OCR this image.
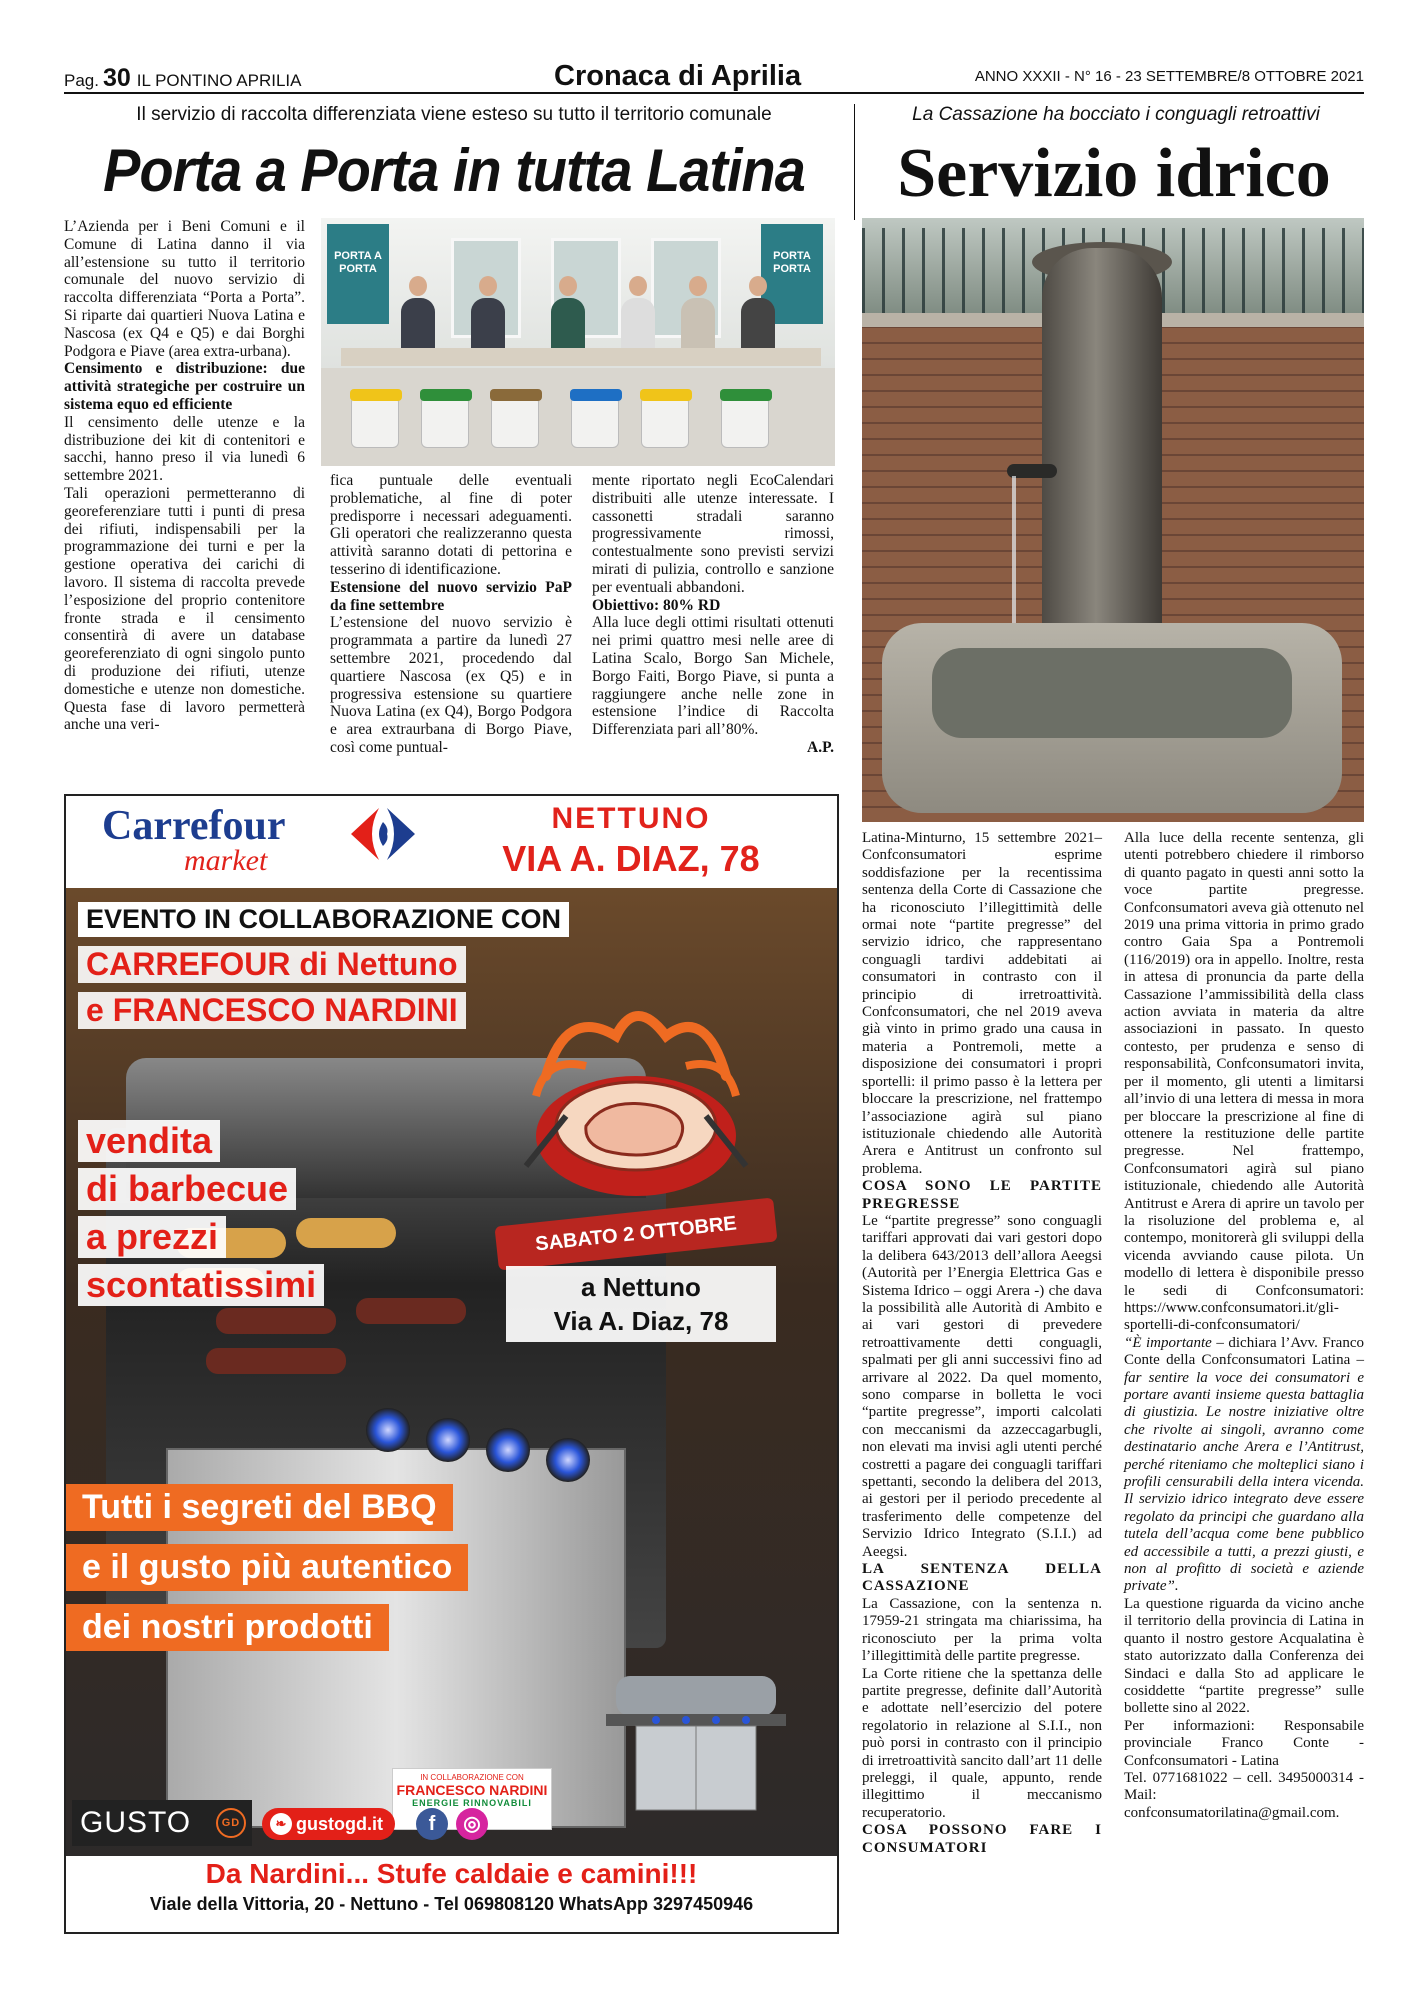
Pag. 30 IL PONTINO APRILIA	Cronaca di Aprilia	ANNO XXXII - N° 16 - 23 SETTEMBRE/8 OTTOBRE 2021
Il servizio di raccolta differenziata viene esteso su tutto il territorio comunale
Porta a Porta in tutta Latina

L’Azienda per i Beni Comuni e il Comune di Latina danno il via all’estensione su tutto il territorio comunale del nuovo servizio di raccolta differenziata “Porta a Porta”. Si riparte dai quartieri Nuova Latina e Nascosa (ex Q4 e Q5) e dai Borghi Podgora e Piave (area extra-urbana).

Censimento e distribuzione: due attività strategiche per costruire un sistema equo ed efficiente

Il censimento delle utenze e la distribuzione dei kit di contenitori e sacchi, hanno preso il via lunedì 6 settembre 2021.

Tali operazioni permetteranno di georeferenziare tutti i punti di presa dei rifiuti, indispensabili per la programmazione dei turni e per la gestione operativa dei carichi di lavoro. Il sistema di raccolta prevede l’esposizione del proprio contenitore fronte strada e il censimento consentirà di avere un database georeferenziato di ogni singolo punto di produzione dei rifiuti, utenze domestiche e utenze non domestiche. Questa fase di lavoro permetterà anche una veri-

PORTA A PORTA
PORTA PORTA

fica puntuale delle eventuali problematiche, al fine di poter predisporre i necessari adeguamenti. Gli operatori che realizzeranno questa attività saranno dotati di pettorina e tesserino di identificazione.

Estensione del nuovo servizio PaP da fine settembre

L’estensione del nuovo servizio è programmata a partire da lunedì 27 settembre 2021, procedendo dal quartiere Nascosa (ex Q5) e in progressiva estensione su quartiere Nuova Latina (ex Q4), Borgo Podgora e area extraurbana di Borgo Piave, così come puntual-

mente riportato negli EcoCalendari distribuiti alle utenze interessate. I cassonetti stradali saranno progressivamente rimossi, contestualmente sono previsti servizi mirati di pulizia, controllo e sanzione per eventuali abbandoni.

Obiettivo: 80% RD

Alla luce degli ottimi risultati ottenuti nei primi quattro mesi nelle aree di Latina Scalo, Borgo San Michele, Borgo Faiti, Borgo Piave, si punta a raggiungere anche nelle zone in estensione l’indice di Raccolta Differenziata pari all’80%.

A.P.

La Cassazione ha bocciato i conguagli retroattivi
Servizio idrico

Latina-Minturno, 15 settembre 2021– Confconsumatori esprime soddisfazione per la recentissima sentenza della Corte di Cassazione che ha riconosciuto l’illegittimità delle ormai note “partite pregresse” del servizio idrico, che rappresentano conguagli tardivi addebitati ai consumatori in contrasto con il principio di irretroattività. Confconsumatori, che nel 2019 aveva già vinto in primo grado una causa in materia a Pontremoli, mette a disposizione dei consumatori i propri sportelli: il primo passo è la lettera per bloccare la prescrizione, nel frattempo l’associazione agirà sul piano istituzionale chiedendo alle Autorità Arera e Antitrust un confronto sul problema.

COSA SONO LE PARTITE PREGRESSE

Le “partite pregresse” sono conguagli tariffari approvati dai vari gestori dopo la delibera 643/2013 dell’allora Aeegsi (Autorità per l’Energia Elettrica Gas e Sistema Idrico – oggi Arera -) che dava la possibilità alle Autorità di Ambito e ai vari gestori di prevedere retroattivamente detti conguagli, spalmati per gli anni successivi fino ad arrivare al 2022. Da quel momento, sono comparse in bolletta le voci “partite pregresse”, importi calcolati con meccanismi da azzeccagarbugli, non elevati ma invisi agli utenti perché costretti a pagare dei conguagli tariffari spettanti, secondo la delibera del 2013, ai gestori per il periodo precedente al trasferimento delle competenze del Servizio Idrico Integrato (S.I.I.) ad Aeegsi.

LA SENTENZA DELLA CASSAZIONE

La Cassazione, con la sentenza n. 17959-21 stringata ma chiarissima, ha riconosciuto per la prima volta l’illegittimità delle partite pregresse.

La Corte ritiene che la spettanza delle partite pregresse, definite dall’Autorità e adottate nell’esercizio del potere regolatorio in relazione al S.I.I., non può porsi in contrasto con il principio di irretroattività sancito dall’art 11 delle preleggi, il quale, appunto, rende illegittimo il meccanismo recuperatorio.

COSA POSSONO FARE I CONSUMATORI

Alla luce della recente sentenza, gli utenti potrebbero chiedere il rimborso di quanto pagato in questi anni sotto la voce partite pregresse. Confconsumatori aveva già ottenuto nel 2019 una prima vittoria in primo grado contro Gaia Spa a Pontremoli (116/2019) ora in appello. Inoltre, resta in attesa di pronuncia da parte della Cassazione l’ammissibilità della class action avviata in materia da altre associazioni in passato. In questo contesto, per prudenza e senso di responsabilità, Confconsumatori invita, per il momento, gli utenti a limitarsi all’invio di una lettera di messa in mora per bloccare la prescrizione al fine di ottenere la restituzione delle partite pregresse. Nel frattempo, Confconsumatori agirà sul piano istituzionale, chiedendo alle Autorità Antitrust e Arera di aprire un tavolo per la risoluzione del problema e, al contempo, monitorerà gli sviluppi della vicenda avviando cause pilota. Un modello di lettera è disponibile presso le sedi di Confconsumatori: https://www.confconsumatori.it/gli-sportelli-di-confconsumatori/

“È importante – dichiara l’Avv. Franco Conte della Confconsumatori Latina – far sentire la voce dei consumatori e portare avanti insieme questa battaglia di giustizia. Le nostre iniziative oltre che rivolte ai singoli, avranno come destinatario anche Arera e l’Antitrust, perché riteniamo che molteplici siano i profili censurabili della intera vicenda. Il servizio idrico integrato deve essere regolato da principi che guardano alla tutela dell’acqua come bene pubblico ed accessibile a tutti, a prezzi giusti, e non al profitto di società e aziende private”.

La questione riguarda da vicino anche il territorio della provincia di Latina in quanto il nostro gestore Acqualatina è stato autorizzato dalla Conferenza dei Sindaci e dalla Sto ad applicare le cosiddette “partite pregresse” sulle bollette sino al 2022.

Per informazioni: Responsabile provinciale Franco Conte - Confconsumatori - Latina

Tel. 0771681022 – cell. 3495000314 - Mail: confconsumatorilatina@gmail.com.

Carrefour
market
NETTUNO
VIA A. DIAZ, 78
EVENTO IN COLLABORAZIONE CON
CARREFOUR di Nettuno
e FRANCESCO NARDINI
vendita
di barbecue
a prezzi
scontatissimi
SABATO 2 OTTOBRE
a Nettuno
Via A. Diaz, 78
Tutti i segreti del BBQ
e il gusto più autentico
dei nostri prodotti
IN COLLABORAZIONE CON
FRANCESCO NARDINI
ENERGIE RINNOVABILI
GUSTO	GD	❧ gustogd.it	f	◎
Da Nardini... Stufe caldaie e camini!!!
Viale della Vittoria, 20 - Nettuno - Tel 069808120 WhatsApp 3297450946
